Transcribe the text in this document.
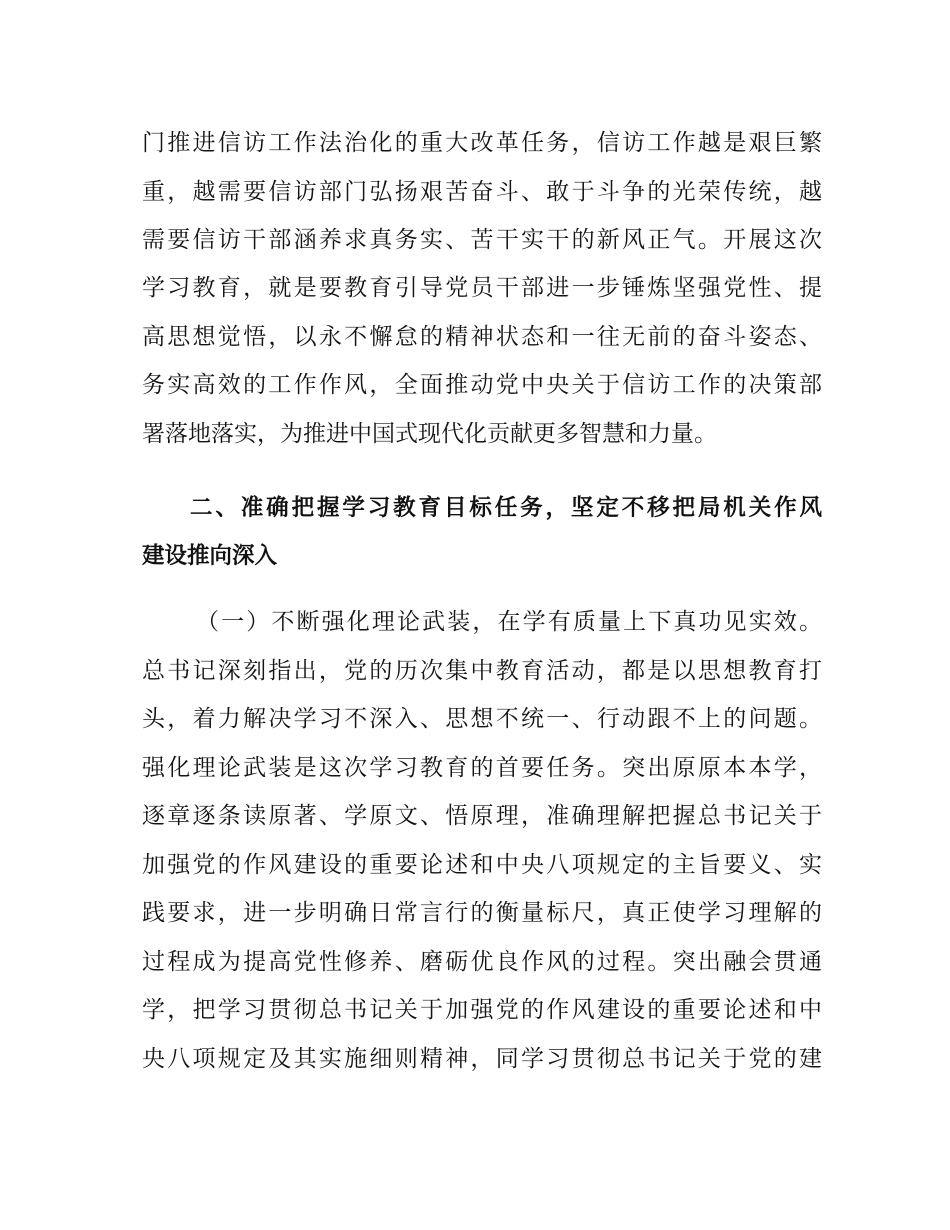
门推进信访工作法治化的重大改革任务，信访工作越是艰巨繁
重，越需要信访部门弘扬艰苦奋斗、敢于斗争的光荣传统，越
需要信访干部涵养求真务实、苦干实干的新风正气。开展这次
学习教育，就是要教育引导党员干部进一步锤炼坚强党性、提
高思想觉悟，以永不懈怠的精神状态和一往无前的奋斗姿态、
务实高效的工作作风，全面推动党中央关于信访工作的决策部
署落地落实，为推进中国式现代化贡献更多智慧和力量。
二、准确把握学习教育目标任务，坚定不移把局机关作风
建设推向深入
（一）不断强化理论武装，在学有质量上下真功见实效。
总书记深刻指出，党的历次集中教育活动，都是以思想教育打
头，着力解决学习不深入、思想不统一、行动跟不上的问题。
强化理论武装是这次学习教育的首要任务。突出原原本本学，
逐章逐条读原著、学原文、悟原理，准确理解把握总书记关于
加强党的作风建设的重要论述和中央八项规定的主旨要义、实
践要求，进一步明确日常言行的衡量标尺，真正使学习理解的
过程成为提高党性修养、磨砺优良作风的过程。突出融会贯通
学，把学习贯彻总书记关于加强党的作风建设的重要论述和中
央八项规定及其实施细则精神，同学习贯彻总书记关于党的建
